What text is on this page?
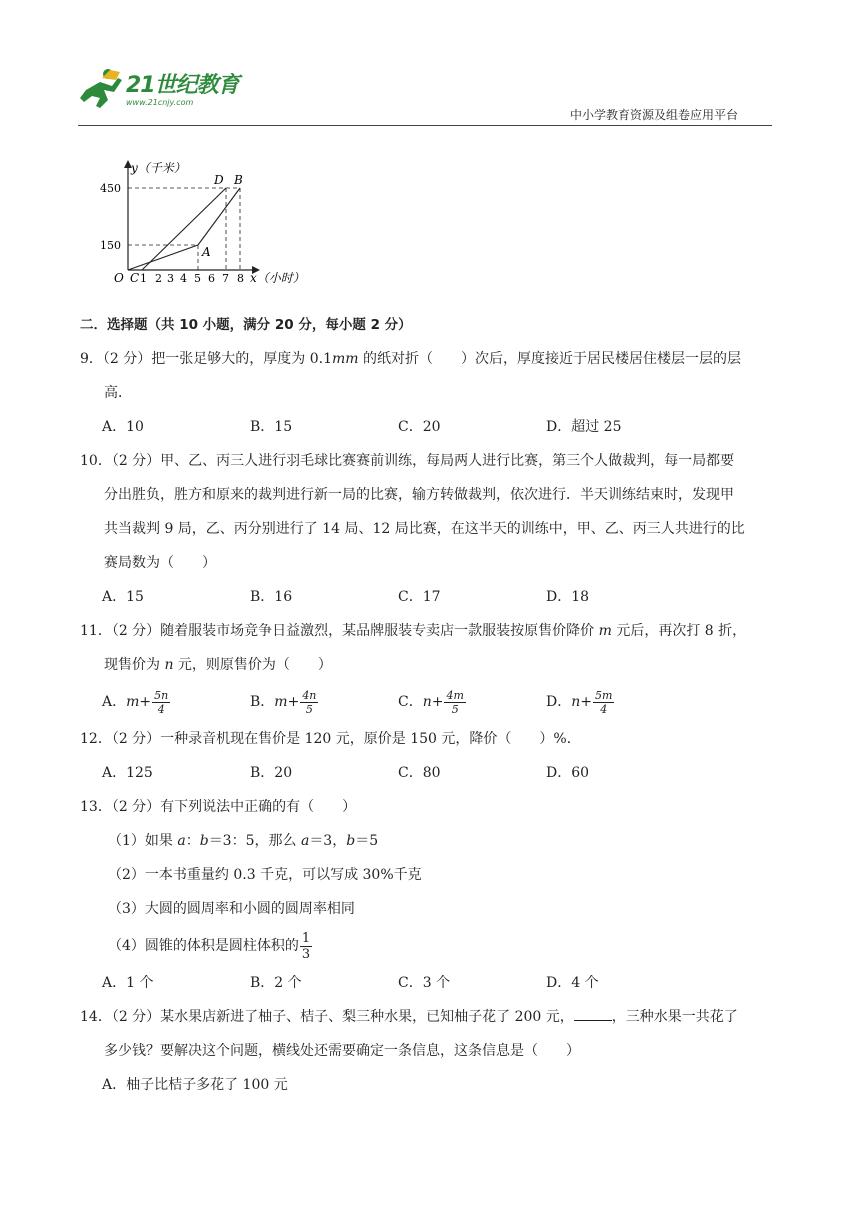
21世纪教育
www.21cnjy.com
中小学教育资源及组卷应用平台
y（千米）
450
150
O C 1 2 3 4 5 6 7 8 x（小时）
A
D B
二．选择题（共 10 小题，满分 20 分，每小题 2 分）
9．（2 分）把一张足够大的，厚度为 0.1mm 的纸对折（　　）次后，厚度接近于居民楼居住楼层一层的层
高．
A．10	B．15	C．20	D．超过 25
10．（2 分）甲、乙、丙三人进行羽毛球比赛赛前训练，每局两人进行比赛，第三个人做裁判，每一局都要
分出胜负，胜方和原来的裁判进行新一局的比赛，输方转做裁判，依次进行．半天训练结束时，发现甲
共当裁判 9 局，乙、丙分别进行了 14 局、12 局比赛，在这半天的训练中，甲、乙、丙三人共进行的比
赛局数为（　　）
A．15	B．16	C．17	D．18
11．（2 分）随着服装市场竞争日益激烈，某品牌服装专卖店一款服装按原售价降价 m 元后，再次打 8 折，
现售价为 n 元，则原售价为（　　）
A．$m+ \frac{5n}{4}$	B．$m+ \frac{4n}{5}$	C．$n+ \frac{4m}{5}$	D．$n+ \frac{5m}{4}$
12．（2 分）一种录音机现在售价是 120 元，原价是 150 元，降价（　　）%．
A．125	B．20	C．80	D．60
13．（2 分）有下列说法中正确的有（　　）
（1）如果 a：b＝3：5，那么 a＝3，b＝5
（2）一本书重量约 0.3 千克，可以写成 30%千克
（3）大圆的圆周率和小圆的圆周率相同
（4）圆锥的体积是圆柱体积的 $\frac{1}{3}$
A．1 个	B．2 个	C．3 个	D．4 个
14．（2 分）某水果店新进了柚子、桔子、梨三种水果，已知柚子花了 200 元，	，三种水果一共花了
多少钱？要解决这个问题，横线处还需要确定一条信息，这条信息是（　　）
A．柚子比桔子多花了 100 元
